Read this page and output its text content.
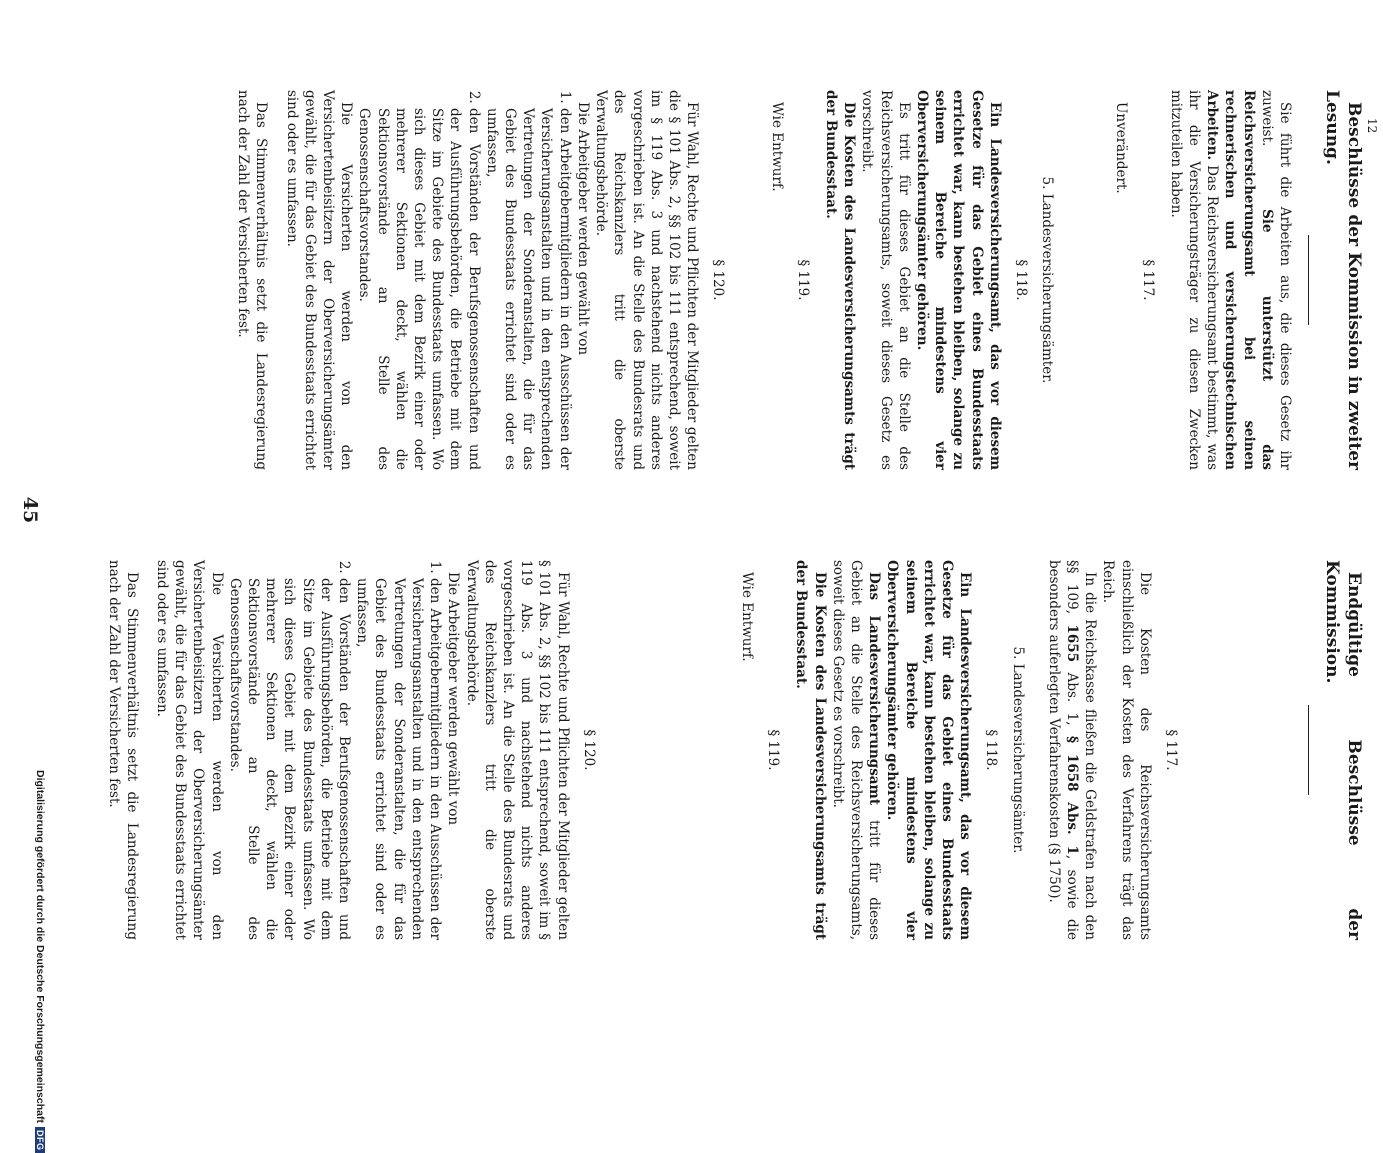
12

Beschlüsse der Kommission in zweiter Lesung.

Sie führt die Arbeiten aus, die dieses Gesetz ihr zuweist. Sie unterstützt das Reichsversicherungsamt bei seinen rechnerischen und versicherungstechnischen Arbeiten. Das Reichsversicherungsamt bestimmt, was ihr die Versicherungsträger zu diesen Zwecken mitzuteilen haben.

§ 117.

Unverändert.

5. Landesversicherungsämter.

§ 118.

Ein Landesversicherungsamt, das vor diesem Gesetze für das Gebiet eines Bundesstaats errichtet war, kann bestehen bleiben, solange zu seinem Bereiche mindestens vier Oberversicherungsämter gehören.

Es tritt für dieses Gebiet an die Stelle des Reichsversicherungsamts, soweit dieses Gesetz es vorschreibt.

Die Kosten des Landesversicherungsamts trägt der Bundesstaat.

§ 119.

Wie Entwurf.

§ 120.

Für Wahl, Rechte und Pflichten der Mitglieder gelten die § 101 Abs. 2, §§ 102 bis 111 entsprechend, soweit im § 119 Abs. 3 und nachstehend nichts anderes vorgeschrieben ist. An die Stelle des Bundesrats und des Reichskanzlers tritt die oberste Verwaltungsbehörde.

Die Arbeitgeber werden gewählt von

1. den Arbeitgebermitgliedern in den Ausschüssen der Versicherungsanstalten und in den entsprechenden Vertretungen der Sonderanstalten, die für das Gebiet des Bundesstaats errichtet sind oder es umfassen,
2. den Vorständen der Berufsgenossenschaften und der Ausführungsbehörden, die Betriebe mit dem Sitze im Gebiete des Bundesstaats umfassen. Wo sich dieses Gebiet mit dem Bezirk einer oder mehrerer Sektionen deckt, wählen die Sektionsvorstände an Stelle des Genossenschaftsvorstandes.

Die Versicherten werden von den Versichertenbeisitzern der Oberversicherungsämter gewählt, die für das Gebiet des Bundesstaats errichtet sind oder es umfassen.

Das Stimmenverhältnis setzt die Landesregierung nach der Zahl der Versicherten fest.

Endgültige Beschlüsse der Kommission.

§ 117.

Die Kosten des Reichsversicherungsamts einschließlich der Kosten des Verfahrens trägt das Reich.

In die Reichskasse fließen die Geldstrafen nach den §§ 109, 1655 Abs. 1, § 1658 Abs. 1, sowie die besonders auferlegten Verfahrenskosten (§ 1750).

5. Landesversicherungsämter.

§ 118.

Ein Landesversicherungsamt, das vor diesem Gesetze für das Gebiet eines Bundesstaats errichtet war, kann bestehen bleiben, solange zu seinem Bereiche mindestens vier Oberversicherungsämter gehören.

Das Landesversicherungsamt tritt für dieses Gebiet an die Stelle des Reichsversicherungsamts, soweit dieses Gesetz es vorschreibt.

Die Kosten des Landesversicherungsamts trägt der Bundesstaat.

§ 119.

Wie Entwurf.

§ 120.

Für Wahl, Rechte und Pflichten der Mitglieder gelten § 101 Abs. 2, §§ 102 bis 111 entsprechend, soweit im § 119 Abs. 3 und nachstehend nichts anderes vorgeschrieben ist. An die Stelle des Bundesrats und des Reichskanzlers tritt die oberste Verwaltungsbehörde.

Die Arbeitgeber werden gewählt von

1. den Arbeitgebermitgliedern in den Ausschüssen der Versicherungsanstalten und in den entsprechenden Vertretungen der Sonderanstalten, die für das Gebiet des Bundesstaats errichtet sind oder es umfassen,
2. den Vorständen der Berufsgenossenschaften und der Ausführungsbehörden, die Betriebe mit dem Sitze im Gebiete des Bundesstaats umfassen. Wo sich dieses Gebiet mit dem Bezirk einer oder mehrerer Sektionen deckt, wählen die Sektionsvorstände an Stelle des Genossenschaftsvorstandes.

Die Versicherten werden von den Versichertenbeisitzern der Oberversicherungsämter gewählt, die für das Gebiet des Bundesstaats errichtet sind oder es umfassen.

Das Stimmenverhältnis setzt die Landesregierung nach der Zahl der Versicherten fest.

45
Digitalisierung gefördert durch die Deutsche ForschungsgemeinschaftDFG
